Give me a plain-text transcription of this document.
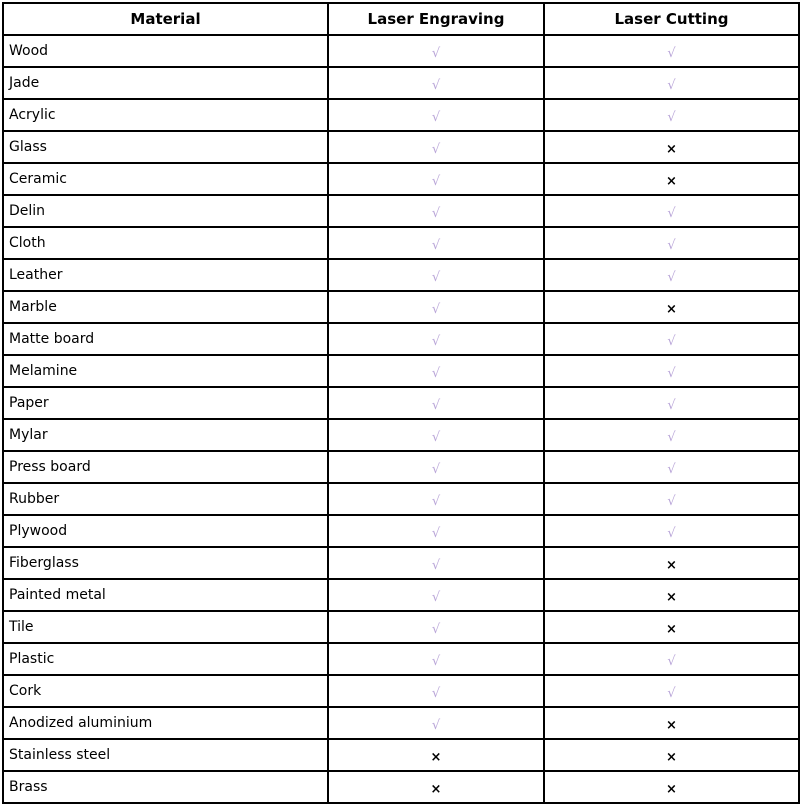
Material	Laser Engraving	Laser Cutting
Wood	√	√
Jade	√	√
Acrylic	√	√
Glass	√	×
Ceramic	√	×
Delin	√	√
Cloth	√	√
Leather	√	√
Marble	√	×
Matte board	√	√
Melamine	√	√
Paper	√	√
Mylar	√	√
Press board	√	√
Rubber	√	√
Plywood	√	√
Fiberglass	√	×
Painted metal	√	×
Tile	√	×
Plastic	√	√
Cork	√	√
Anodized aluminium	√	×
Stainless steel	×	×
Brass	×	×
